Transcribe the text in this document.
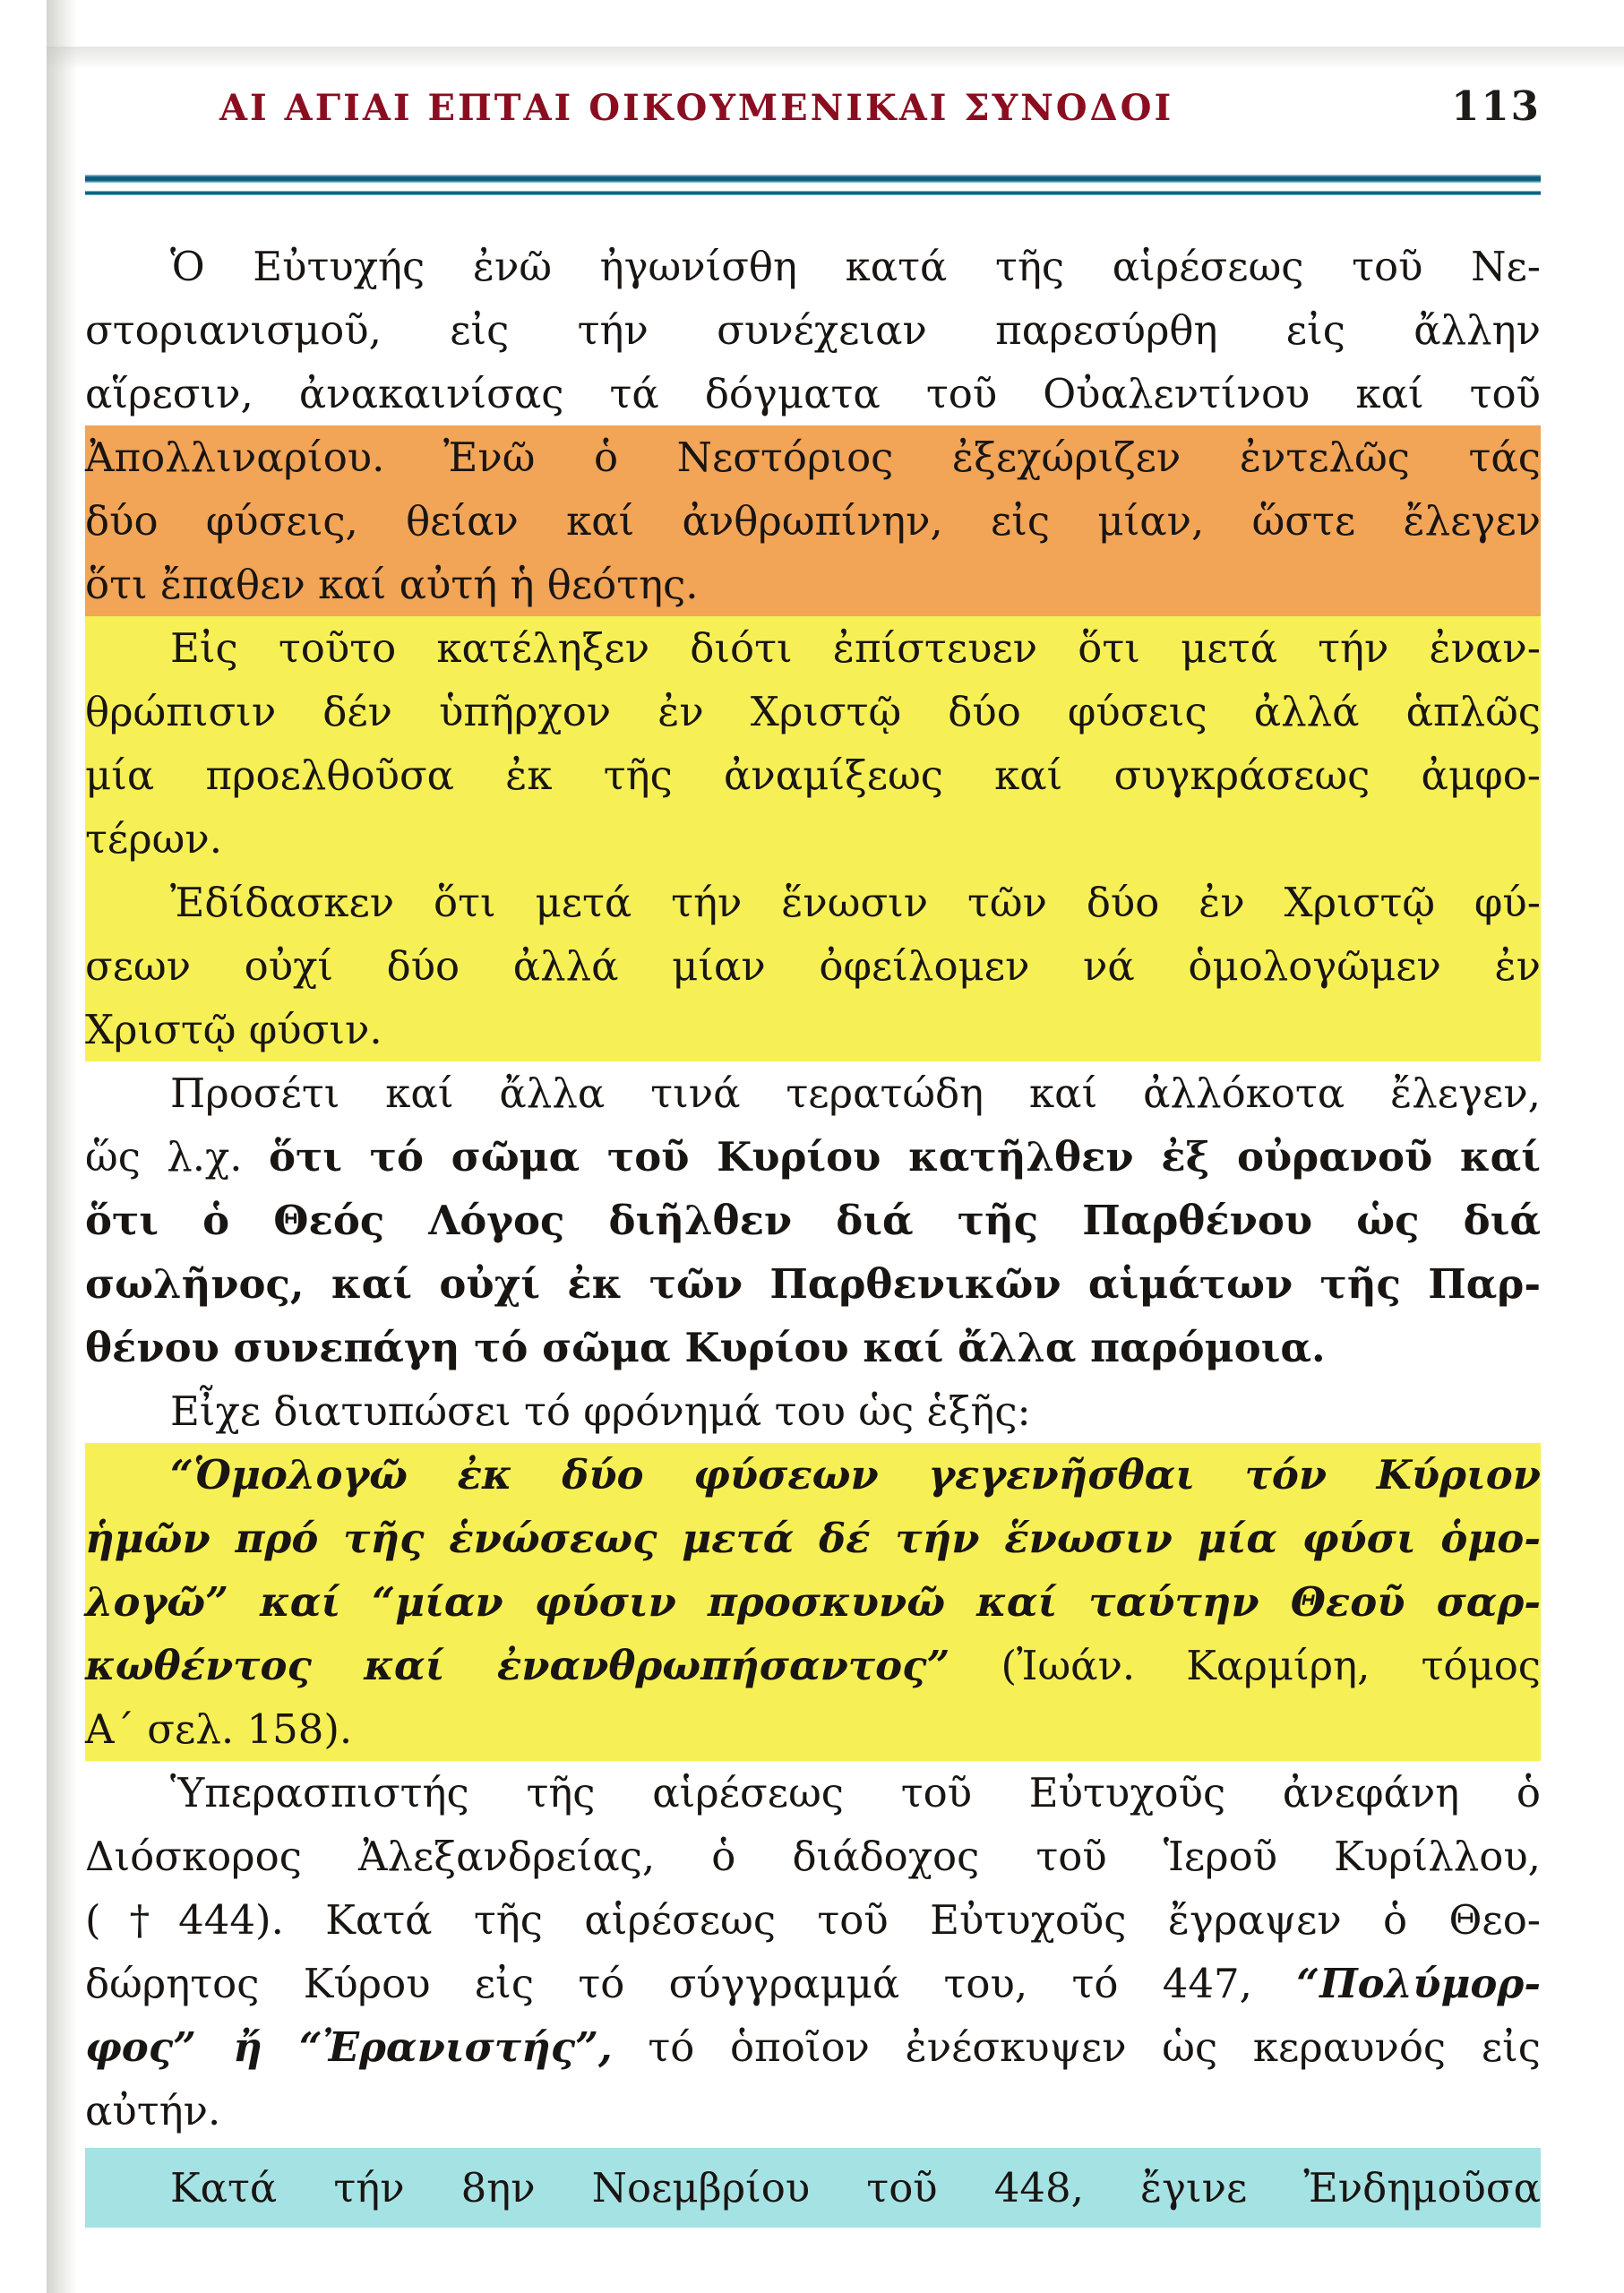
ΑΙ ΑΓΙΑΙ ΕΠΤΑΙ ΟΙΚΟΥΜΕΝΙΚΑΙ ΣΥΝΟΔΟΙ	113
Ὁ Εὐτυχής ἐνῶ ἠγωνίσθη κατά τῆς αἱρέσεως τοῦ Νε-
στοριανισμοῦ, εἰς τήν συνέχειαν παρεσύρθη εἰς ἄλλην
αἵρεσιν, ἀνακαινίσας τά δόγματα τοῦ Οὐαλεντίνου καί τοῦ
Ἀπολλιναρίου. Ἐνῶ ὁ Νεστόριος ἐξεχώριζεν ἐντελῶς τάς
δύο φύσεις, θείαν καί ἀνθρωπίνην, εἰς μίαν, ὥστε ἔλεγεν
ὅτι ἔπαθεν καί αὐτή ἡ θεότης.
Εἰς τοῦτο κατέληξεν διότι ἐπίστευεν ὅτι μετά τήν ἐναν-
θρώπισιν δέν ὑπῆρχον ἐν Χριστῷ δύο φύσεις ἀλλά ἁπλῶς
μία προελθοῦσα ἐκ τῆς ἀναμίξεως καί συγκράσεως ἀμφο-
τέρων.
Ἐδίδασκεν ὅτι μετά τήν ἕνωσιν τῶν δύο ἐν Χριστῷ φύ-
σεων οὐχί δύο ἀλλά μίαν ὀφείλομεν νά ὁμολογῶμεν ἐν
Χριστῷ φύσιν.
Προσέτι καί ἄλλα τινά τερατώδη καί ἀλλόκοτα ἔλεγεν,
ὥς λ.χ. ὅτι τό σῶμα τοῦ Κυρίου κατῆλθεν ἐξ οὐρανοῦ καί
ὅτι ὁ Θεός Λόγος διῆλθεν διά τῆς Παρθένου ὡς διά
σωλῆνος, καί οὐχί ἐκ τῶν Παρθενικῶν αἱμάτων τῆς Παρ-
θένου συνεπάγη τό σῶμα Κυρίου καί ἄλλα παρόμοια.
Εἶχε διατυπώσει τό φρόνημά του ὡς ἑξῆς:
“Ὁμολογῶ ἐκ δύο φύσεων γεγενῆσθαι τόν Κύριον
ἡμῶν πρό τῆς ἑνώσεως μετά δέ τήν ἕνωσιν μία φύσι ὁμο-
λογῶ” καί “μίαν φύσιν προσκυνῶ καί ταύτην Θεοῦ σαρ-
κωθέντος καί ἐνανθρωπήσαντος” (Ἰωάν. Καρμίρη, τόμος
Α΄ σελ. 158).
Ὑπερασπιστής τῆς αἱρέσεως τοῦ Εὐτυχοῦς ἀνεφάνη ὁ
Διόσκορος Ἀλεξανδρείας, ὁ διάδοχος τοῦ Ἱεροῦ Κυρίλλου,
(†444). Κατά τῆς αἱρέσεως τοῦ Εὐτυχοῦς ἔγραψεν ὁ Θεο-
δώρητος Κύρου εἰς τό σύγγραμμά του, τό 447, “Πολύμορ-
φος” ἤ “Ἐρανιστής”, τό ὁποῖον ἐνέσκυψεν ὡς κεραυνός εἰς
αὐτήν.
Κατά τήν 8ην Νοεμβρίου τοῦ 448, ἔγινε Ἐνδημοῦσα
